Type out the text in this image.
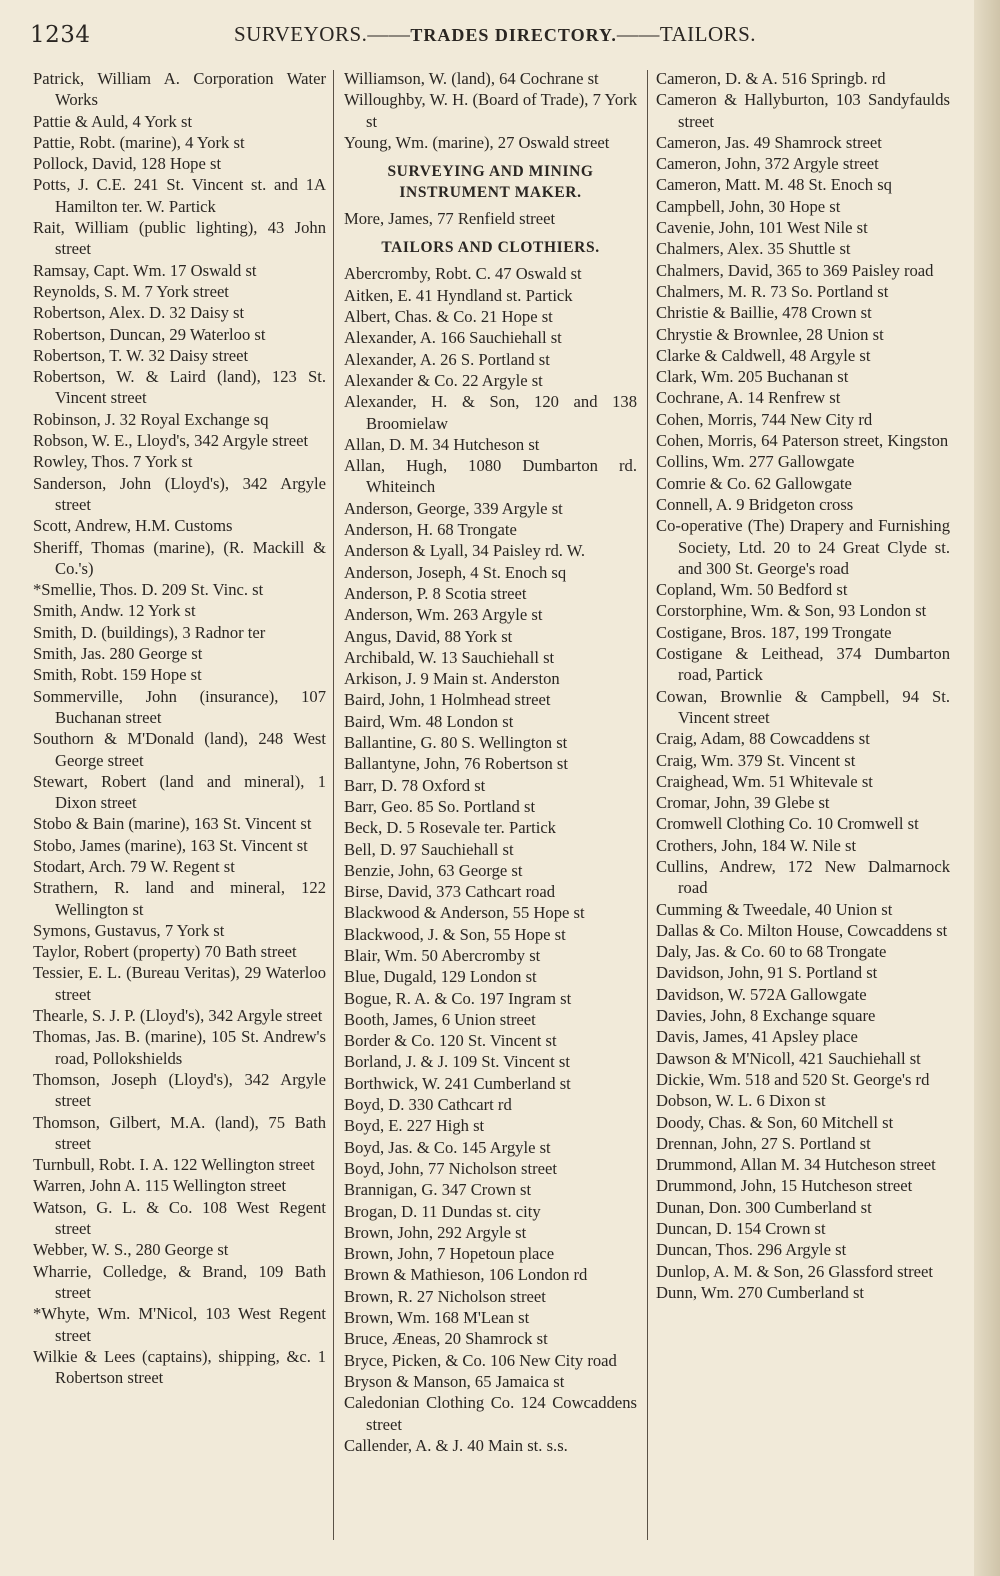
1234	SURVEYORS.——TRADES DIRECTORY.——TAILORS.

Patrick, William A. Corporation Water Works

Pattie & Auld, 4 York st

Pattie, Robt. (marine), 4 York st

Pollock, David, 128 Hope st

Potts, J. C.E. 241 St. Vincent st. and 1A Hamilton ter. W. Partick

Rait, William (public lighting), 43 John street

Ramsay, Capt. Wm. 17 Oswald st

Reynolds, S. M. 7 York street

Robertson, Alex. D. 32 Daisy st

Robertson, Duncan, 29 Waterloo st

Robertson, T. W. 32 Daisy street

Robertson, W. & Laird (land), 123 St. Vincent street

Robinson, J. 32 Royal Exchange sq

Robson, W. E., Lloyd's, 342 Argyle street

Rowley, Thos. 7 York st

Sanderson, John (Lloyd's), 342 Argyle street

Scott, Andrew, H.M. Customs

Sheriff, Thomas (marine), (R. Mackill & Co.'s)

*Smellie, Thos. D. 209 St. Vinc. st

Smith, Andw. 12 York st

Smith, D. (buildings), 3 Radnor ter

Smith, Jas. 280 George st

Smith, Robt. 159 Hope st

Sommerville, John (insurance), 107 Buchanan street

Southorn & M'Donald (land), 248 West George street

Stewart, Robert (land and mineral), 1 Dixon street

Stobo & Bain (marine), 163 St. Vincent st

Stobo, James (marine), 163 St. Vincent st

Stodart, Arch. 79 W. Regent st

Strathern, R. land and mineral, 122 Wellington st

Symons, Gustavus, 7 York st

Taylor, Robert (property) 70 Bath street

Tessier, E. L. (Bureau Veritas), 29 Waterloo street

Thearle, S. J. P. (Lloyd's), 342 Argyle street

Thomas, Jas. B. (marine), 105 St. Andrew's road, Pollokshields

Thomson, Joseph (Lloyd's), 342 Argyle street

Thomson, Gilbert, M.A. (land), 75 Bath street

Turnbull, Robt. I. A. 122 Wellington street

Warren, John A. 115 Wellington street

Watson, G. L. & Co. 108 West Regent street

Webber, W. S., 280 George st

Wharrie, Colledge, & Brand, 109 Bath street

*Whyte, Wm. M'Nicol, 103 West Regent street

Wilkie & Lees (captains), shipping, &c. 1 Robertson street

Williamson, W. (land), 64 Cochrane st

Willoughby, W. H. (Board of Trade), 7 York st

Young, Wm. (marine), 27 Oswald street

SURVEYING AND MINING INSTRUMENT MAKER.

More, James, 77 Renfield street

TAILORS AND CLOTHIERS.

Abercromby, Robt. C. 47 Oswald st

Aitken, E. 41 Hyndland st. Partick

Albert, Chas. & Co. 21 Hope st

Alexander, A. 166 Sauchiehall st

Alexander, A. 26 S. Portland st

Alexander & Co. 22 Argyle st

Alexander, H. & Son, 120 and 138 Broomielaw

Allan, D. M. 34 Hutcheson st

Allan, Hugh, 1080 Dumbarton rd. Whiteinch

Anderson, George, 339 Argyle st

Anderson, H. 68 Trongate

Anderson & Lyall, 34 Paisley rd. W.

Anderson, Joseph, 4 St. Enoch sq

Anderson, P. 8 Scotia street

Anderson, Wm. 263 Argyle st

Angus, David, 88 York st

Archibald, W. 13 Sauchiehall st

Arkison, J. 9 Main st. Anderston

Baird, John, 1 Holmhead street

Baird, Wm. 48 London st

Ballantine, G. 80 S. Wellington st

Ballantyne, John, 76 Robertson st

Barr, D. 78 Oxford st

Barr, Geo. 85 So. Portland st

Beck, D. 5 Rosevale ter. Partick

Bell, D. 97 Sauchiehall st

Benzie, John, 63 George st

Birse, David, 373 Cathcart road

Blackwood & Anderson, 55 Hope st

Blackwood, J. & Son, 55 Hope st

Blair, Wm. 50 Abercromby st

Blue, Dugald, 129 London st

Bogue, R. A. & Co. 197 Ingram st

Booth, James, 6 Union street

Border & Co. 120 St. Vincent st

Borland, J. & J. 109 St. Vincent st

Borthwick, W. 241 Cumberland st

Boyd, D. 330 Cathcart rd

Boyd, E. 227 High st

Boyd, Jas. & Co. 145 Argyle st

Boyd, John, 77 Nicholson street

Brannigan, G. 347 Crown st

Brogan, D. 11 Dundas st. city

Brown, John, 292 Argyle st

Brown, John, 7 Hopetoun place

Brown & Mathieson, 106 London rd

Brown, R. 27 Nicholson street

Brown, Wm. 168 M'Lean st

Bruce, Æneas, 20 Shamrock st

Bryce, Picken, & Co. 106 New City road

Bryson & Manson, 65 Jamaica st

Caledonian Clothing Co. 124 Cowcaddens street

Callender, A. & J. 40 Main st. s.s.

Cameron, D. & A. 516 Springb. rd

Cameron & Hallyburton, 103 Sandyfaulds street

Cameron, Jas. 49 Shamrock street

Cameron, John, 372 Argyle street

Cameron, Matt. M. 48 St. Enoch sq

Campbell, John, 30 Hope st

Cavenie, John, 101 West Nile st

Chalmers, Alex. 35 Shuttle st

Chalmers, David, 365 to 369 Paisley road

Chalmers, M. R. 73 So. Portland st

Christie & Baillie, 478 Crown st

Chrystie & Brownlee, 28 Union st

Clarke & Caldwell, 48 Argyle st

Clark, Wm. 205 Buchanan st

Cochrane, A. 14 Renfrew st

Cohen, Morris, 744 New City rd

Cohen, Morris, 64 Paterson street, Kingston

Collins, Wm. 277 Gallowgate

Comrie & Co. 62 Gallowgate

Connell, A. 9 Bridgeton cross

Co-operative (The) Drapery and Furnishing Society, Ltd. 20 to 24 Great Clyde st. and 300 St. George's road

Copland, Wm. 50 Bedford st

Corstorphine, Wm. & Son, 93 London st

Costigane, Bros. 187, 199 Trongate

Costigane & Leithead, 374 Dumbarton road, Partick

Cowan, Brownlie & Campbell, 94 St. Vincent street

Craig, Adam, 88 Cowcaddens st

Craig, Wm. 379 St. Vincent st

Craighead, Wm. 51 Whitevale st

Cromar, John, 39 Glebe st

Cromwell Clothing Co. 10 Cromwell st

Crothers, John, 184 W. Nile st

Cullins, Andrew, 172 New Dalmarnock road

Cumming & Tweedale, 40 Union st

Dallas & Co. Milton House, Cowcaddens st

Daly, Jas. & Co. 60 to 68 Trongate

Davidson, John, 91 S. Portland st

Davidson, W. 572A Gallowgate

Davies, John, 8 Exchange square

Davis, James, 41 Apsley place

Dawson & M'Nicoll, 421 Sauchiehall st

Dickie, Wm. 518 and 520 St. George's rd

Dobson, W. L. 6 Dixon st

Doody, Chas. & Son, 60 Mitchell st

Drennan, John, 27 S. Portland st

Drummond, Allan M. 34 Hutcheson street

Drummond, John, 15 Hutcheson street

Dunan, Don. 300 Cumberland st

Duncan, D. 154 Crown st

Duncan, Thos. 296 Argyle st

Dunlop, A. M. & Son, 26 Glassford street

Dunn, Wm. 270 Cumberland st
